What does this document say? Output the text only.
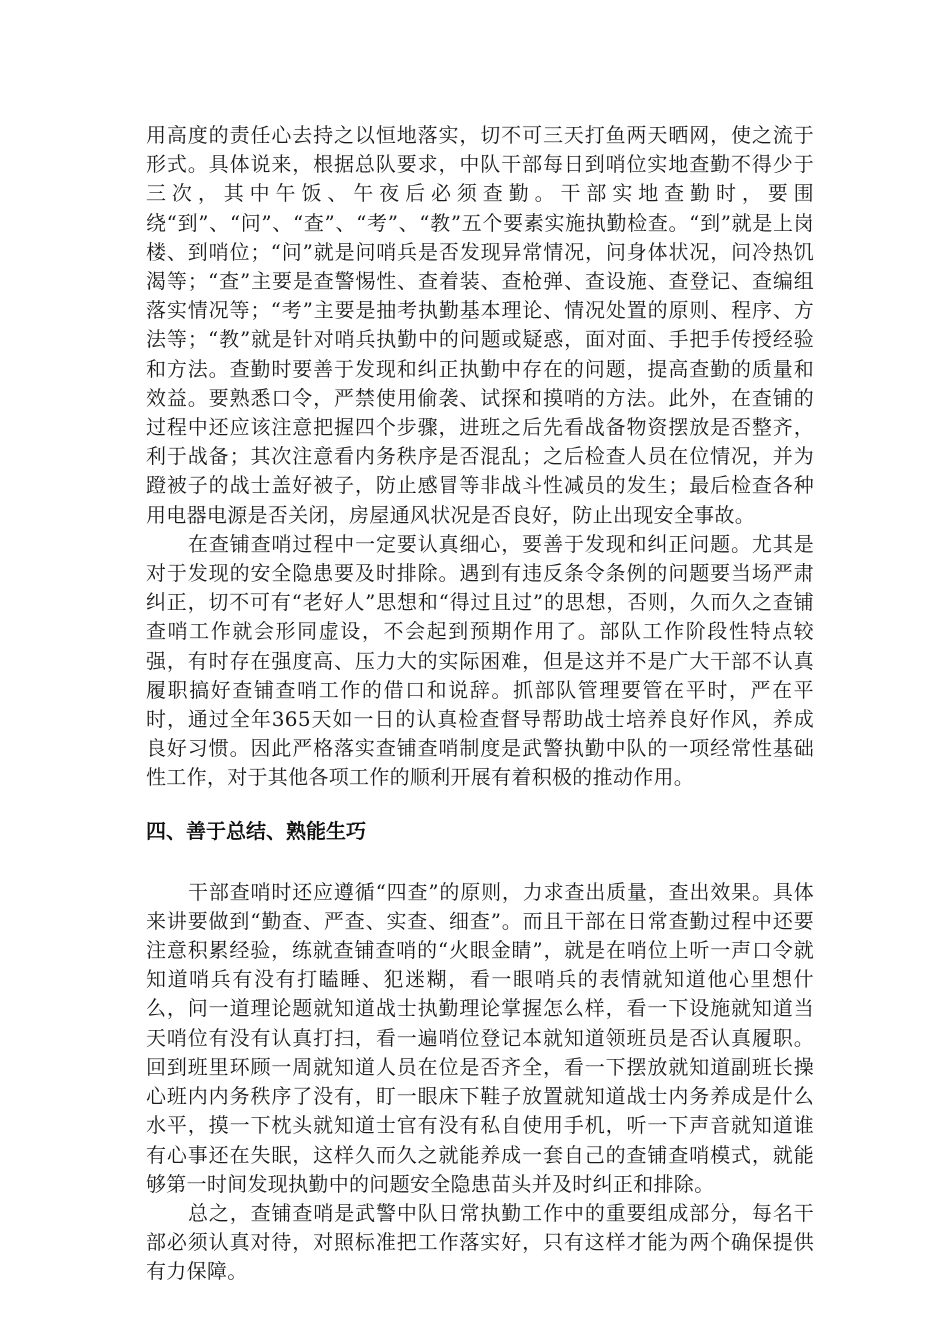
用高度的责任心去持之以恒地落实，切不可三天打鱼两天晒网，使之流于形式。具体说来，根据总队要求，中队干部每日到哨位实地查勤不得少于三次，其中午饭、午夜后必须查勤。干部实地查勤时，要围绕“到”、“问”、“查”、“考”、“教”五个要素实施执勤检查。“到”就是上岗楼、到哨位；“问”就是问哨兵是否发现异常情况，问身体状况，问冷热饥渴等；“查”主要是查警惕性、查着装、查枪弹、查设施、查登记、查编组落实情况等；“考”主要是抽考执勤基本理论、情况处置的原则、程序、方法等；“教”就是针对哨兵执勤中的问题或疑惑，面对面、手把手传授经验和方法。查勤时要善于发现和纠正执勤中存在的问题，提高查勤的质量和效益。要熟悉口令，严禁使用偷袭、试探和摸哨的方法。此外，在查铺的过程中还应该注意把握四个步骤，进班之后先看战备物资摆放是否整齐，利于战备；其次注意看内务秩序是否混乱；之后检查人员在位情况，并为蹬被子的战士盖好被子，防止感冒等非战斗性减员的发生；最后检查各种用电器电源是否关闭，房屋通风状况是否良好，防止出现安全事故。

在查铺查哨过程中一定要认真细心，要善于发现和纠正问题。尤其是对于发现的安全隐患要及时排除。遇到有违反条令条例的问题要当场严肃纠正，切不可有“老好人”思想和“得过且过”的思想，否则，久而久之查铺查哨工作就会形同虚设，不会起到预期作用了。部队工作阶段性特点较强，有时存在强度高、压力大的实际困难，但是这并不是广大干部不认真履职搞好查铺查哨工作的借口和说辞。抓部队管理要管在平时，严在平时，通过全年365天如一日的认真检查督导帮助战士培养良好作风，养成良好习惯。因此严格落实查铺查哨制度是武警执勤中队的一项经常性基础性工作，对于其他各项工作的顺利开展有着积极的推动作用。

四、善于总结、熟能生巧

干部查哨时还应遵循“四查”的原则，力求查出质量，查出效果。具体来讲要做到“勤查、严查、实查、细查”。而且干部在日常查勤过程中还要注意积累经验，练就查铺查哨的“火眼金睛”，就是在哨位上听一声口令就知道哨兵有没有打瞌睡、犯迷糊，看一眼哨兵的表情就知道他心里想什么，问一道理论题就知道战士执勤理论掌握怎么样，看一下设施就知道当天哨位有没有认真打扫，看一遍哨位登记本就知道领班员是否认真履职。回到班里环顾一周就知道人员在位是否齐全，看一下摆放就知道副班长操心班内内务秩序了没有，盯一眼床下鞋子放置就知道战士内务养成是什么水平，摸一下枕头就知道士官有没有私自使用手机，听一下声音就知道谁有心事还在失眠，这样久而久之就能养成一套自己的查铺查哨模式，就能够第一时间发现执勤中的问题安全隐患苗头并及时纠正和排除。

总之，查铺查哨是武警中队日常执勤工作中的重要组成部分，每名干部必须认真对待，对照标准把工作落实好，只有这样才能为两个确保提供有力保障。
